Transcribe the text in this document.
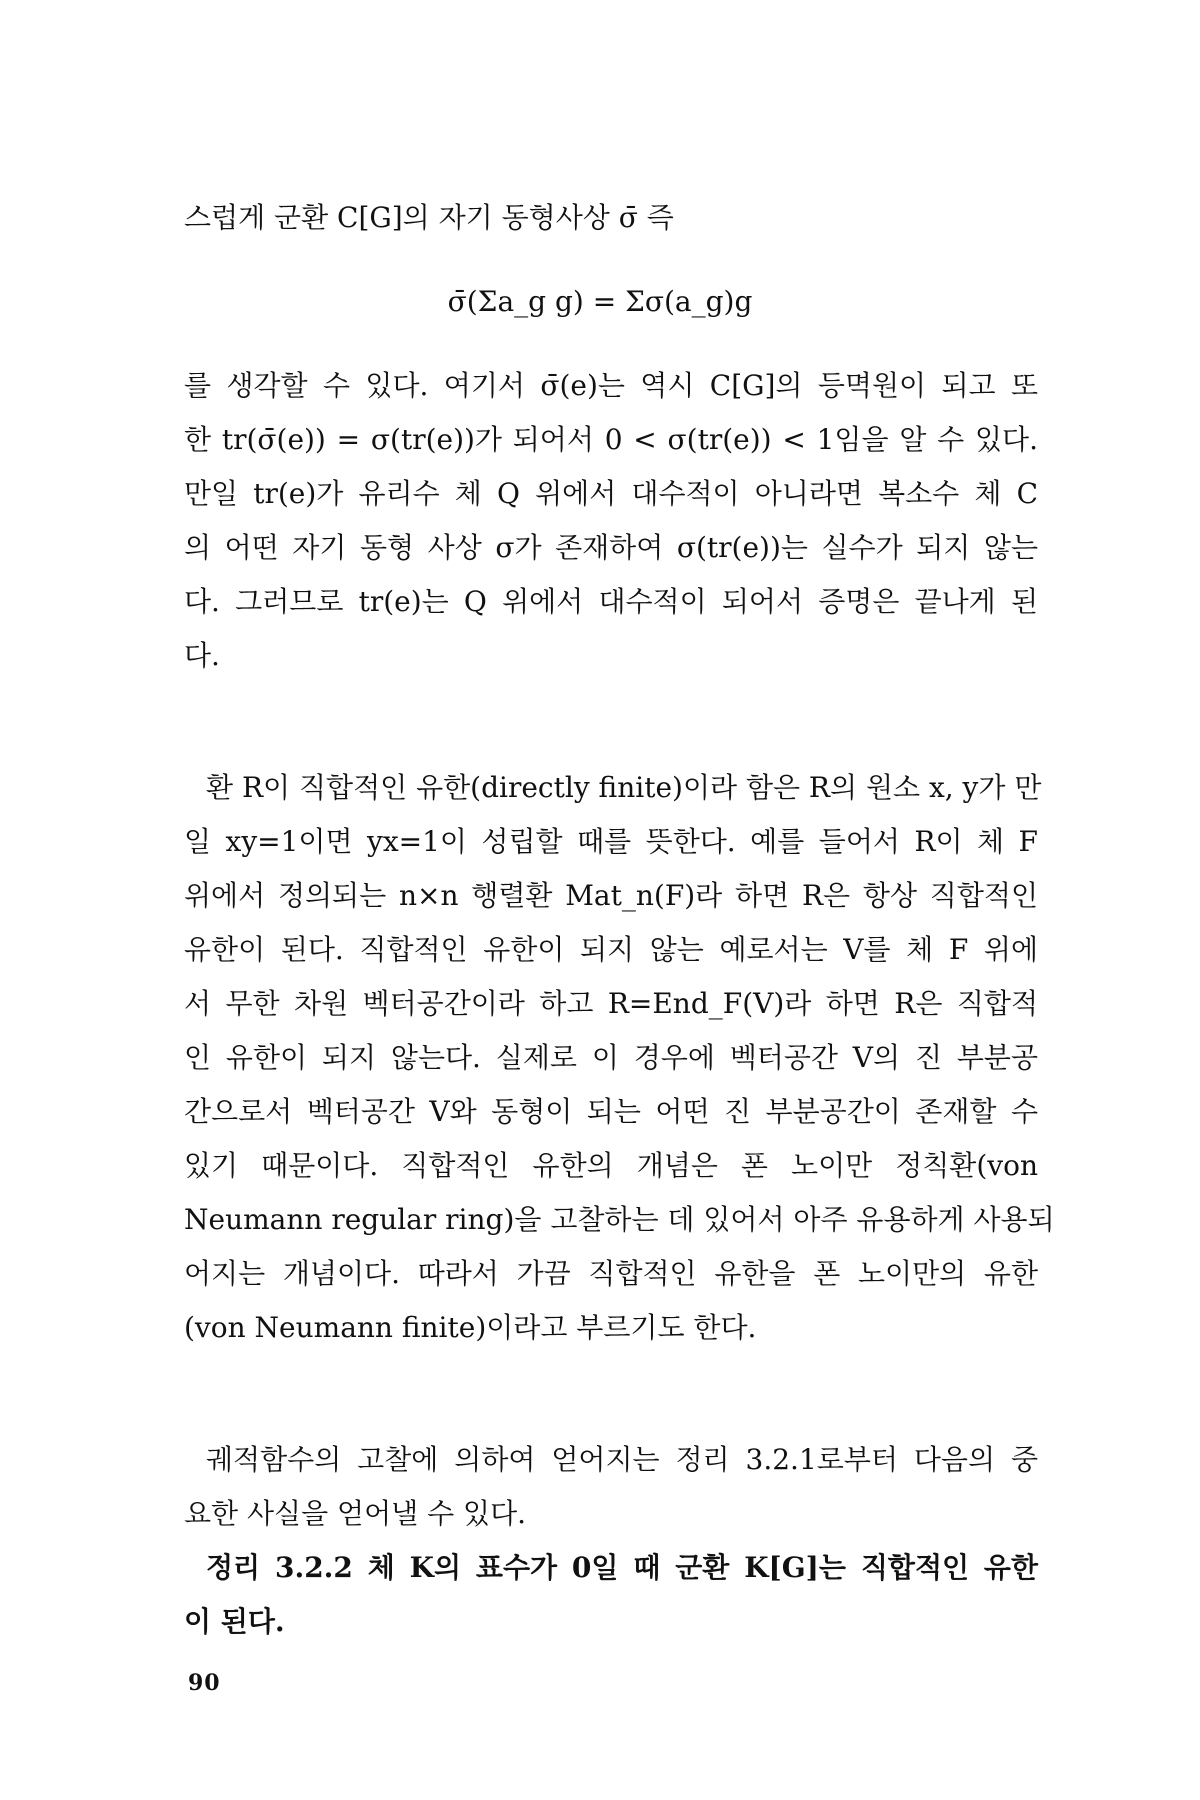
스럽게 군환 C[G]의 자기 동형사상 σ̄ 즉
σ̄(Σa_g g) = Σσ(a_g)g
를 생각할 수 있다. 여기서 σ̄(e)는 역시 C[G]의 등멱원이 되고 또
한 tr(σ̄(e)) = σ(tr(e))가 되어서 0 < σ(tr(e)) < 1임을 알 수 있다.
만일 tr(e)가 유리수 체 Q 위에서 대수적이 아니라면 복소수 체 C
의 어떤 자기 동형 사상 σ가 존재하여 σ(tr(e))는 실수가 되지 않는
다. 그러므로 tr(e)는 Q 위에서 대수적이 되어서 증명은 끝나게 된
다.
환 R이 직합적인 유한(directly finite)이라 함은 R의 원소 x, y가 만
일 xy=1이면 yx=1이 성립할 때를 뜻한다. 예를 들어서 R이 체 F
위에서 정의되는 n×n 행렬환 Mat_n(F)라 하면 R은 항상 직합적인
유한이 된다. 직합적인 유한이 되지 않는 예로서는 V를 체 F 위에
서 무한 차원 벡터공간이라 하고 R=End_F(V)라 하면 R은 직합적
인 유한이 되지 않는다. 실제로 이 경우에 벡터공간 V의 진 부분공
간으로서 벡터공간 V와 동형이 되는 어떤 진 부분공간이 존재할 수
있기 때문이다. 직합적인 유한의 개념은 폰 노이만 정칙환(von
Neumann regular ring)을 고찰하는 데 있어서 아주 유용하게 사용되
어지는 개념이다. 따라서 가끔 직합적인 유한을 폰 노이만의 유한
(von Neumann finite)이라고 부르기도 한다.
궤적함수의 고찰에 의하여 얻어지는 정리 3.2.1로부터 다음의 중
요한 사실을 얻어낼 수 있다.
정리 3.2.2 체 K의 표수가 0일 때 군환 K[G]는 직합적인 유한
이 된다.
90
